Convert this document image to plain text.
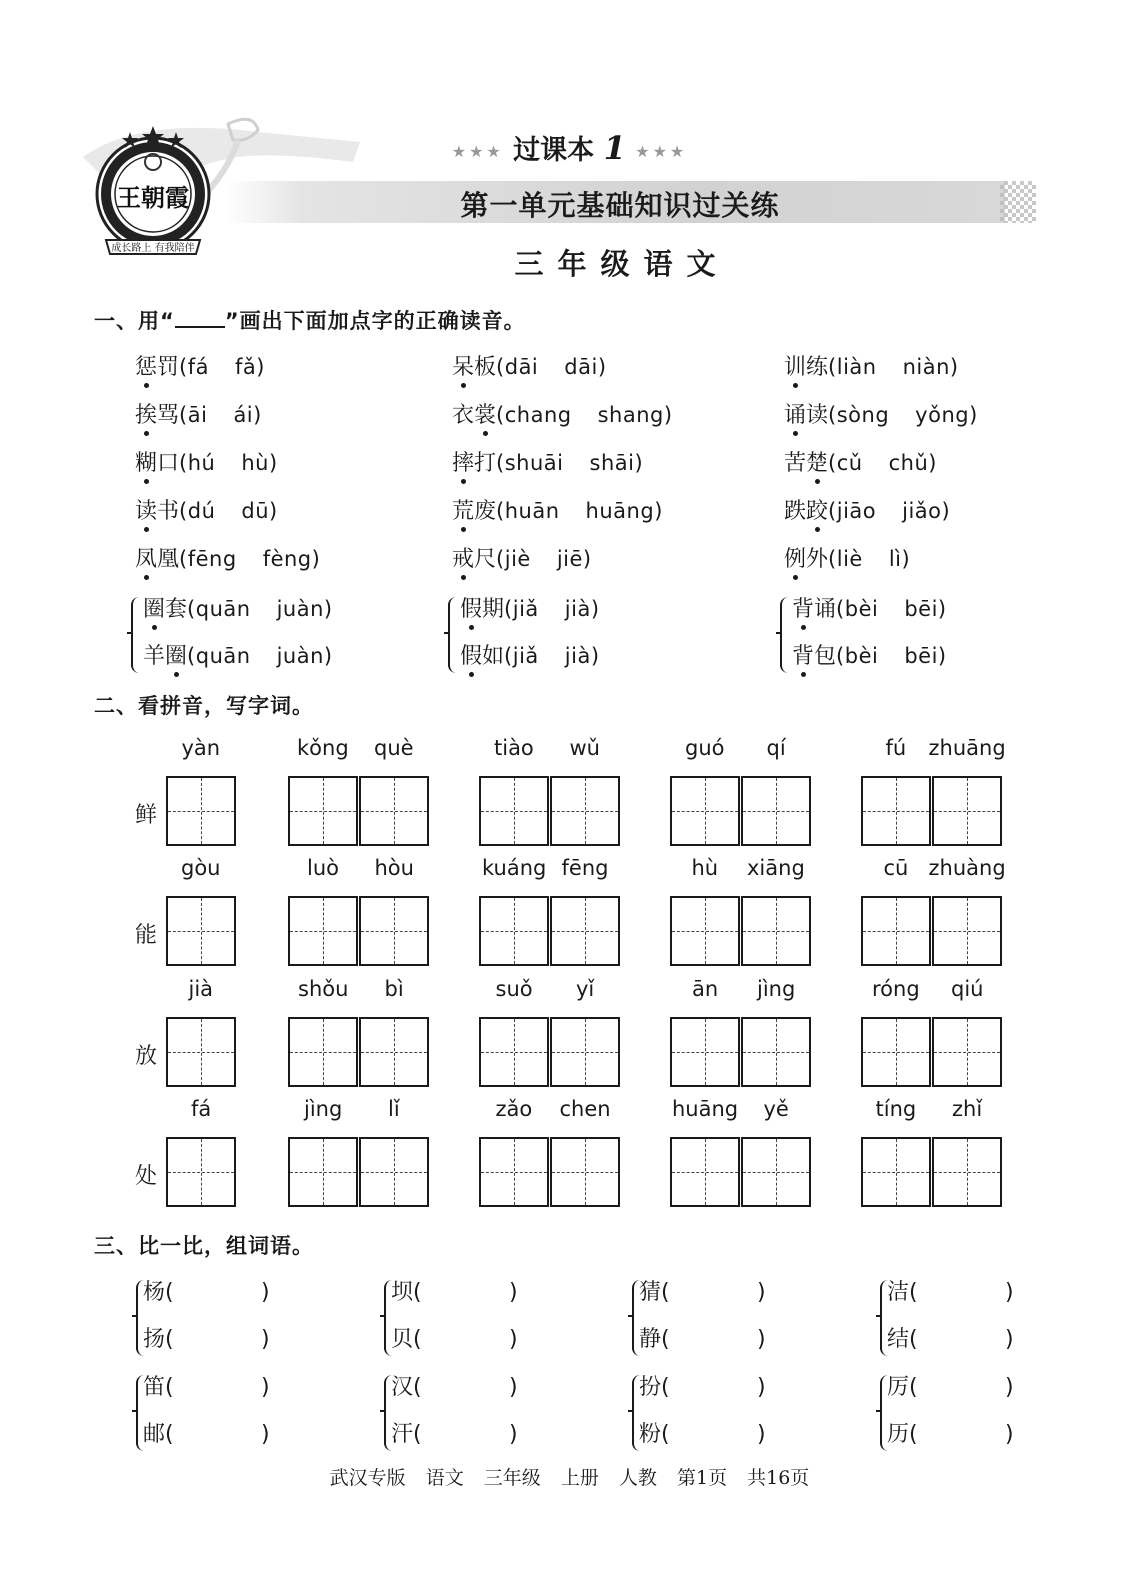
王朝霞
成长路上 有我陪伴
★★★ 过课本 1 ★★★
第一单元基础知识过关练
三年级语文
一、用“ ”画出下面加点字的正确读音。
惩罚(fá fǎ)	呆板(dāi dāi)	训练(liàn niàn)
挨骂(āi ái)	衣裳(chang shang)	诵读(sòng yǒng)
糊口(hú hù)	摔打(shuāi shāi)	苦楚(cǔ chǔ)
读书(dú dū)	荒废(huān huāng)	跌跤(jiāo jiǎo)
凤凰(fēng fèng)	戒尺(jiè jiē)	例外(liè lì)
圈套(quān juàn)
羊圈(quān juàn)
假期(jiǎ jià)
假如(jiǎ jià)
背诵(bèi bēi)
背包(bèi bēi)
二、看拼音，写字词。
鲜
yàn	kǒng què	tiào wǔ	guó qí	fú zhuāng
能
gòu	luò hòu	kuáng fēng	hù xiāng	cū zhuàng
放
jià	shǒu bì	suǒ yǐ	ān jìng	róng qiú
处
fá	jìng lǐ	zǎo chen	huāng yě	tíng zhǐ
三、比一比，组词语。
杨(	)
扬(	)
坝(	)
贝(	)
猜(	)
静(	)
洁(	)
结(	)
笛(	)
邮(	)
汉(	)
汗(	)
扮(	)
粉(	)
厉(	)
历(	)
武汉专版 语文 三年级 上册 人教 第1页 共16页
